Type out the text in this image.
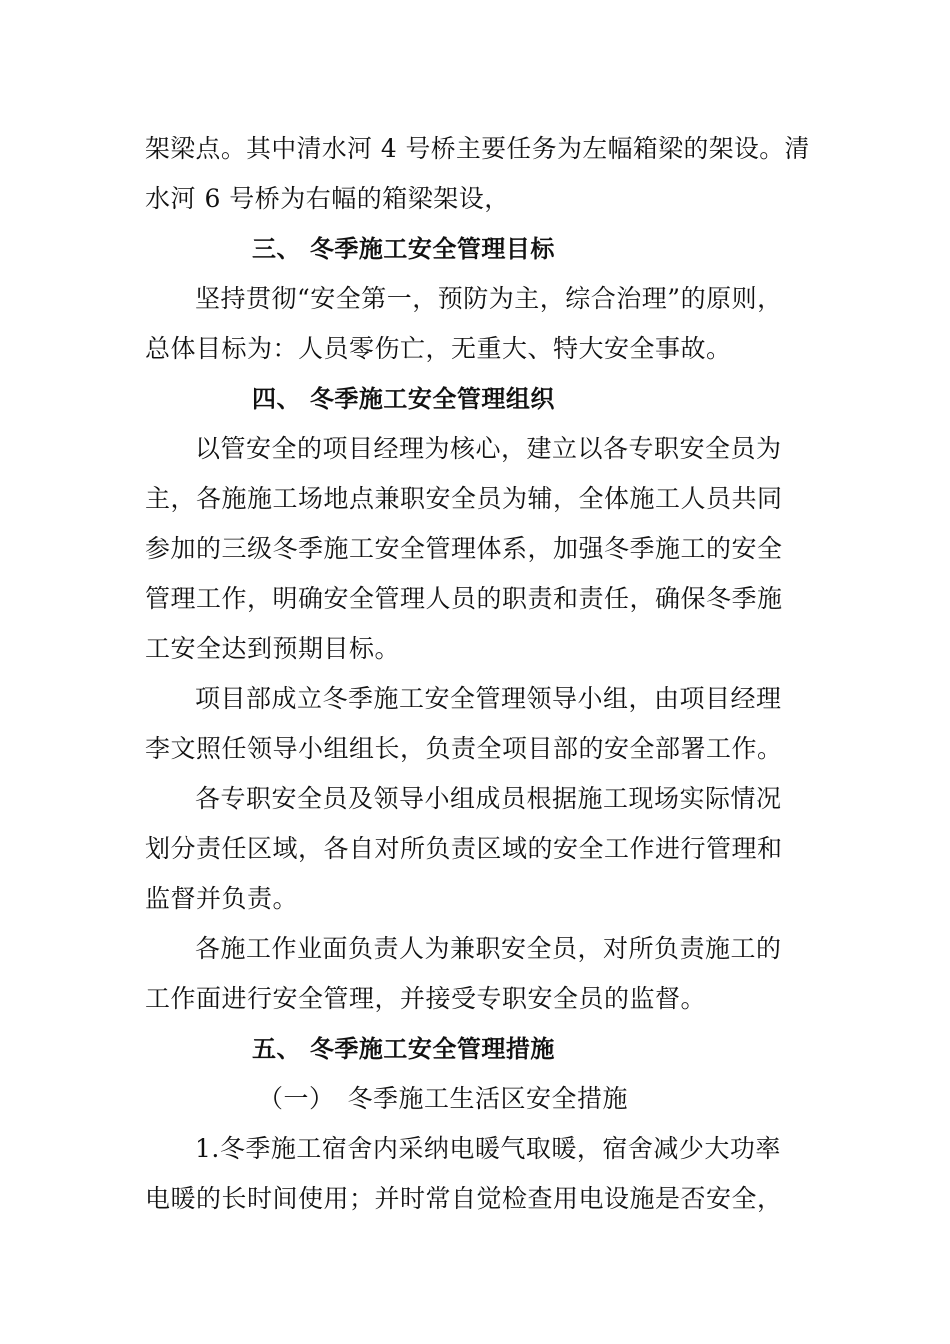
架梁点。其中清水河 4 号桥主要任务为左幅箱梁的架设。清
水河 6 号桥为右幅的箱梁架设，
三、 冬季施工安全管理目标
坚持贯彻“安全第一，预防为主，综合治理”的原则，
总体目标为：人员零伤亡，无重大、特大安全事故。
四、 冬季施工安全管理组织
以管安全的项目经理为核心，建立以各专职安全员为
主，各施施工场地点兼职安全员为辅，全体施工人员共同
参加的三级冬季施工安全管理体系，加强冬季施工的安全
管理工作，明确安全管理人员的职责和责任，确保冬季施
工安全达到预期目标。
项目部成立冬季施工安全管理领导小组，由项目经理
李文照任领导小组组长，负责全项目部的安全部署工作。
各专职安全员及领导小组成员根据施工现场实际情况
划分责任区域，各自对所负责区域的安全工作进行管理和
监督并负责。
各施工作业面负责人为兼职安全员，对所负责施工的
工作面进行安全管理，并接受专职安全员的监督。
五、 冬季施工安全管理措施
（一）　冬季施工生活区安全措施
1.冬季施工宿舍内采纳电暖气取暖，宿舍减少大功率
电暖的长时间使用；并时常自觉检查用电设施是否安全，
